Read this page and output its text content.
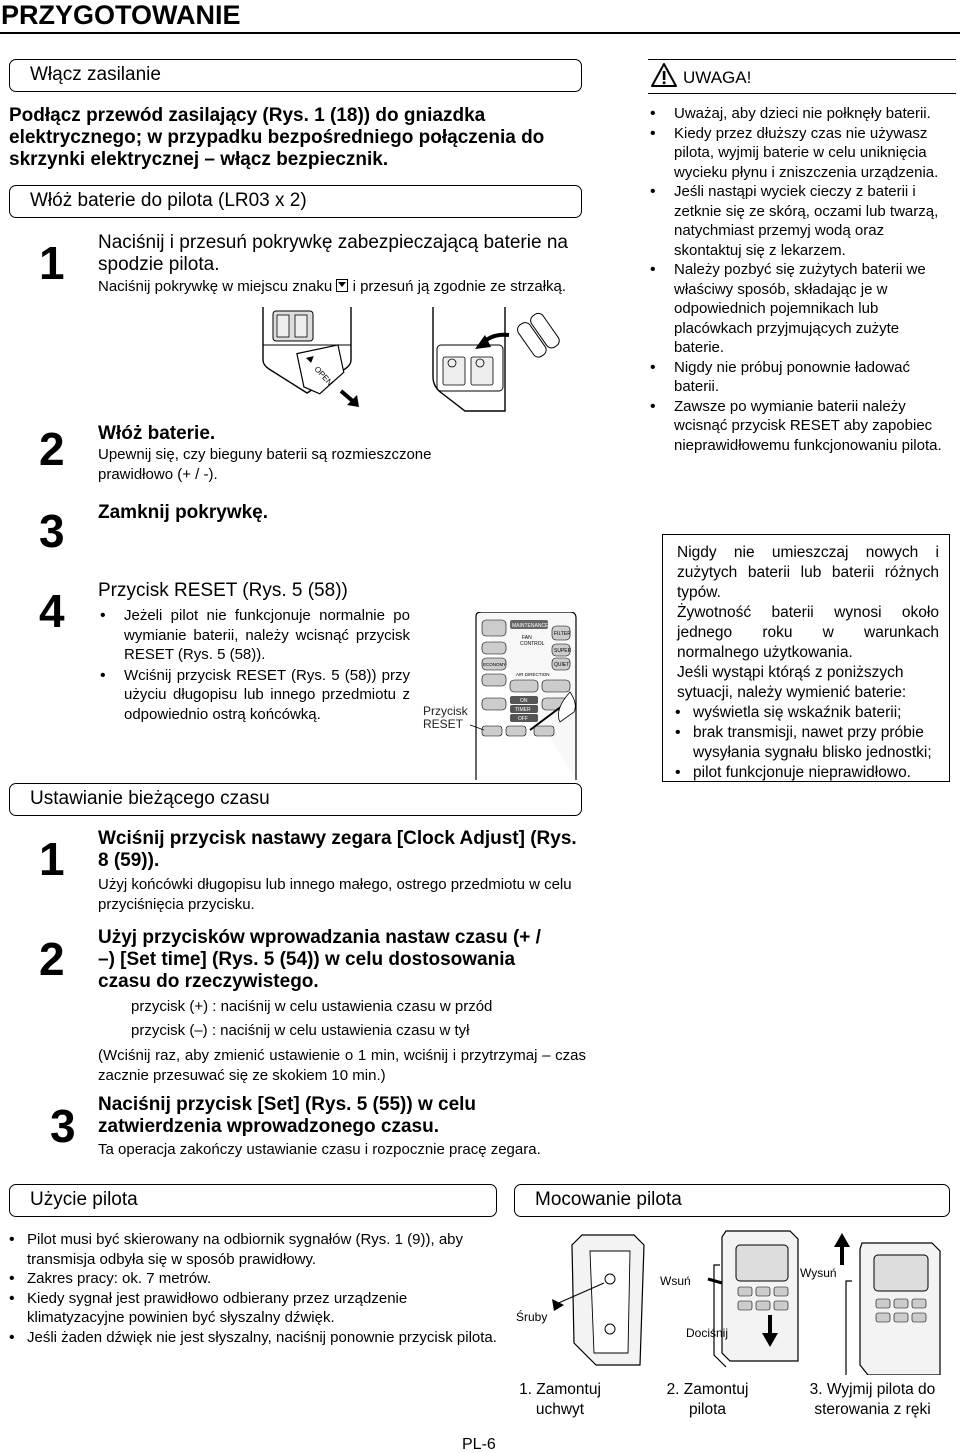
PRZYGOTOWANIE
Włącz zasilanie
Podłącz przewód zasilający (Rys. 1 (18)) do gniazdka elektrycznego; w przypadku bezpośredniego połączenia do skrzynki elektrycznej – włącz bezpiecznik.
Włóż baterie do pilota (LR03 x 2)
1 Naciśnij i przesuń pokrywkę zabezpieczającą baterie na spodzie pilota.
Naciśnij pokrywkę w miejscu znaku i przesuń ją zgodnie ze strzałką.
OPEN
2 Włóż baterie.
Upewnij się, czy bieguny baterii są rozmieszczone prawidłowo (+ / -).
3 Zamknij pokrywkę.
4 Przycisk RESET (Rys. 5 (58))
• Jeżeli pilot nie funkcjonuje normalnie po wymianie baterii, należy wcisnąć przycisk RESET (Rys. 5 (58)).
• Wciśnij przycisk RESET (Rys. 5 (58)) przy użyciu długopisu lub innego przedmiotu z odpowiednio ostrą końcówką.	Przycisk
RESET
MAINTENANCE
FILTER
FAN
CONTROL
SUPER
QUIET
ECONOMY
AIR DIRECTION
ON
TIMER
OFF
Ustawianie bieżącego czasu
1 Wciśnij przycisk nastawy zegara [Clock Adjust] (Rys. 8 (59)).
Użyj końcówki długopisu lub innego małego, ostrego przedmiotu w celu przyciśnięcia przycisku.
2 Użyj przycisków wprowadzania nastaw czasu (+ / –) [Set time] (Rys. 5 (54)) w celu dostosowania czasu do rzeczywistego.
przycisk (+) : naciśnij w celu ustawienia czasu w przód
przycisk (–) : naciśnij w celu ustawienia czasu w tył
(Wciśnij raz, aby zmienić ustawienie o 1 min, wciśnij i przytrzymaj – czas zacznie przesuwać się ze skokiem 10 min.)
3 Naciśnij przycisk [Set] (Rys. 5 (55)) w celu zatwierdzenia wprowadzonego czasu.
Ta operacja zakończy ustawianie czasu i rozpocznie pracę zegara.
Użycie pilota
• Pilot musi być skierowany na odbiornik sygnałów (Rys. 1 (9)), aby transmisja odbyła się w sposób prawidłowy.
• Zakres pracy: ok. 7 metrów.
• Kiedy sygnał jest prawidłowo odbierany przez urządzenie klimatyzacyjne powinien być słyszalny dźwięk.
• Jeśli żaden dźwięk nie jest słyszalny, naciśnij ponownie przycisk pilota.
UWAGA!
• Uważaj, aby dzieci nie połknęły baterii.
• Kiedy przez dłuższy czas nie używasz pilota, wyjmij baterie w celu uniknięcia wycieku płynu i zniszczenia urządzenia.
• Jeśli nastąpi wyciek cieczy z baterii i zetknie się ze skórą, oczami lub twarzą, natychmiast przemyj wodą oraz skontaktuj się z lekarzem.
• Należy pozbyć się zużytych baterii we właściwy sposób, składając je w odpowiednich pojemnikach lub placówkach przyjmujących zużyte baterie.
• Nigdy nie próbuj ponownie ładować baterii.
• Zawsze po wymianie baterii należy wcisnąć przycisk RESET aby zapobiec nieprawidłowemu funkcjonowaniu pilota.
Nigdy nie umieszczaj nowych i zużytych baterii lub baterii różnych typów.
Żywotność baterii wynosi około jednego roku w warunkach normalnego użytkowania.
Jeśli wystąpi którąś z poniższych sytuacji, należy wymienić baterie:
• wyświetla się wskaźnik baterii;
• brak transmisji, nawet przy próbie wysyłania sygnału blisko jednostki;
• pilot funkcjonuje nieprawidłowo.
Mocowanie pilota
Śruby
Wsuń
Dociśnij
Wysuń
1. Zamontuj
uchwyt
2. Zamontuj
pilota
3. Wyjmij pilota do
sterowania z ręki
PL-6
